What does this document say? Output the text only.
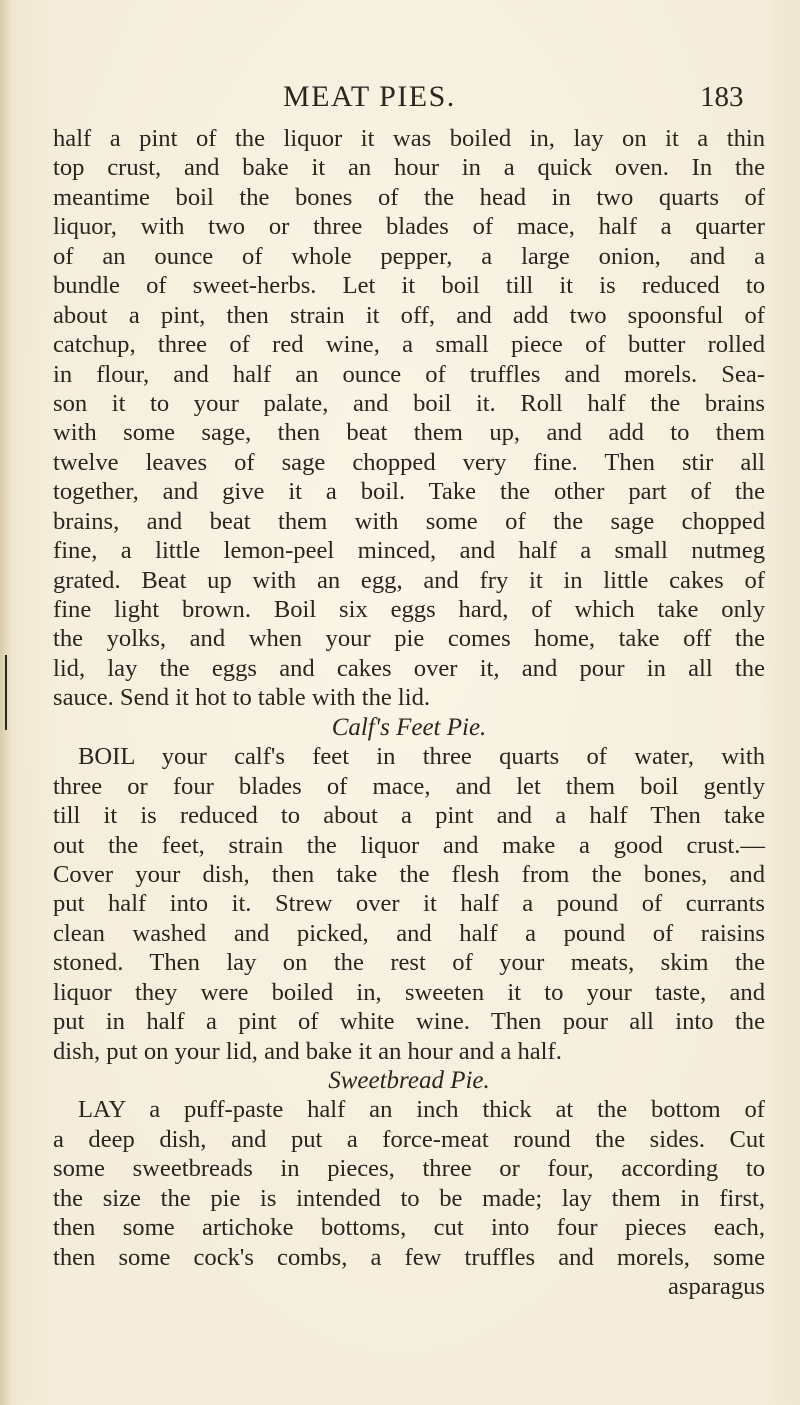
MEAT PIES.	183
half a pint of the liquor it was boiled in, lay on it a thin
top crust, and bake it an hour in a quick oven. In the
meantime boil the bones of the head in two quarts of
liquor, with two or three blades of mace, half a quarter
of an ounce of whole pepper, a large onion, and a
bundle of sweet-herbs. Let it boil till it is reduced to
about a pint, then strain it off, and add two spoonsful of
catchup, three of red wine, a small piece of butter rolled
in flour, and half an ounce of truffles and morels. Sea-
son it to your palate, and boil it. Roll half the brains
with some sage, then beat them up, and add to them
twelve leaves of sage chopped very fine. Then stir all
together, and give it a boil. Take the other part of the
brains, and beat them with some of the sage chopped
fine, a little lemon-peel minced, and half a small nutmeg
grated. Beat up with an egg, and fry it in little cakes of
fine light brown. Boil six eggs hard, of which take only
the yolks, and when your pie comes home, take off the
lid, lay the eggs and cakes over it, and pour in all the
sauce. Send it hot to table with the lid.
Calf's Feet Pie.
BOIL your calf's feet in three quarts of water, with
three or four blades of mace, and let them boil gently
till it is reduced to about a pint and a half Then take
out the feet, strain the liquor and make a good crust.—
Cover your dish, then take the flesh from the bones, and
put half into it. Strew over it half a pound of currants
clean washed and picked, and half a pound of raisins
stoned. Then lay on the rest of your meats, skim the
liquor they were boiled in, sweeten it to your taste, and
put in half a pint of white wine. Then pour all into the
dish, put on your lid, and bake it an hour and a half.
Sweetbread Pie.
LAY a puff-paste half an inch thick at the bottom of
a deep dish, and put a force-meat round the sides. Cut
some sweetbreads in pieces, three or four, according to
the size the pie is intended to be made; lay them in first,
then some artichoke bottoms, cut into four pieces each,
then some cock's combs, a few truffles and morels, some
asparagus
